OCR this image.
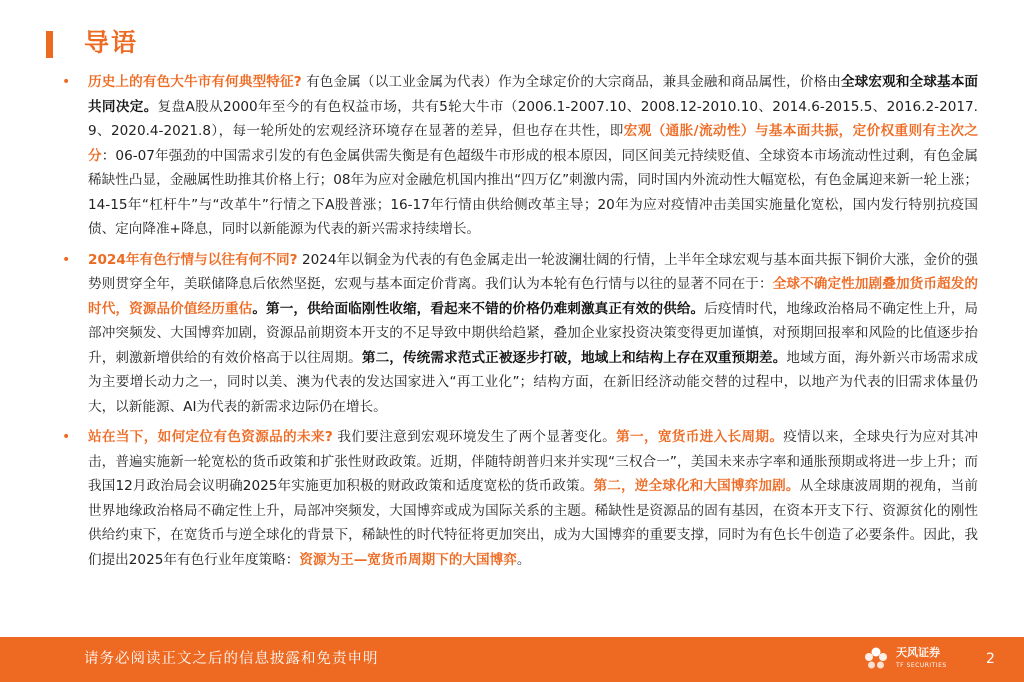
导语

• 历史上的有色大牛市有何典型特征? 有色金属（以工业金属为代表）作为全球定价的大宗商品，兼具金融和商品属性，价格由全球宏观和全球基本面共同决定。复盘A股从2000年至今的有色权益市场，共有5轮大牛市（2006.1-2007.10、2008.12-2010.10、2014.6-2015.5、2016.2-2017.9、2020.4-2021.8），每一轮所处的宏观经济环境存在显著的差异，但也存在共性，即宏观（通胀/流动性）与基本面共振，定价权重则有主次之分：06-07年强劲的中国需求引发的有色金属供需失衡是有色超级牛市形成的根本原因，同区间美元持续贬值、全球资本市场流动性过剩，有色金属稀缺性凸显，金融属性助推其价格上行；08年为应对金融危机国内推出“四万亿”刺激内需，同时国内外流动性大幅宽松，有色金属迎来新一轮上涨；14-15年“杠杆牛”与“改革牛”行情之下A股普涨；16-17年行情由供给侧改革主导；20年为应对疫情冲击美国实施量化宽松，国内发行特别抗疫国债、定向降准+降息，同时以新能源为代表的新兴需求持续增长。

• 2024年有色行情与以往有何不同? 2024年以铜金为代表的有色金属走出一轮波澜壮阔的行情，上半年全球宏观与基本面共振下铜价大涨，金价的强势则贯穿全年，美联储降息后依然坚挺，宏观与基本面定价背离。我们认为本轮有色行情与以往的显著不同在于：全球不确定性加剧叠加货币超发的时代，资源品价值经历重估。第一，供给面临刚性收缩，看起来不错的价格仍难刺激真正有效的供给。后疫情时代，地缘政治格局不确定性上升，局部冲突频发、大国博弈加剧，资源品前期资本开支的不足导致中期供给趋紧，叠加企业家投资决策变得更加谨慎，对预期回报率和风险的比值逐步抬升，刺激新增供给的有效价格高于以往周期。第二，传统需求范式正被逐步打破，地域上和结构上存在双重预期差。地域方面，海外新兴市场需求成为主要增长动力之一，同时以美、澳为代表的发达国家进入“再工业化”；结构方面，在新旧经济动能交替的过程中，以地产为代表的旧需求体量仍大，以新能源、AI为代表的新需求边际仍在增长。

• 站在当下，如何定位有色资源品的未来? 我们要注意到宏观环境发生了两个显著变化。第一，宽货币进入长周期。疫情以来，全球央行为应对其冲击，普遍实施新一轮宽松的货币政策和扩张性财政政策。近期，伴随特朗普归来并实现“三权合一”，美国未来赤字率和通胀预期或将进一步上升；而我国12月政治局会议明确2025年实施更加积极的财政政策和适度宽松的货币政策。第二，逆全球化和大国博弈加剧。从全球康波周期的视角，当前世界地缘政治格局不确定性上升，局部冲突频发，大国博弈或成为国际关系的主题。稀缺性是资源品的固有基因，在资本开支下行、资源贫化的刚性供给约束下，在宽货币与逆全球化的背景下，稀缺性的时代特征将更加突出，成为大国博弈的重要支撑，同时为有色长牛创造了必要条件。因此，我们提出2025年有色行业年度策略：资源为王—宽货币周期下的大国博弈。

请务必阅读正文之后的信息披露和免责申明	天风证券
TF SECURITIES	2
